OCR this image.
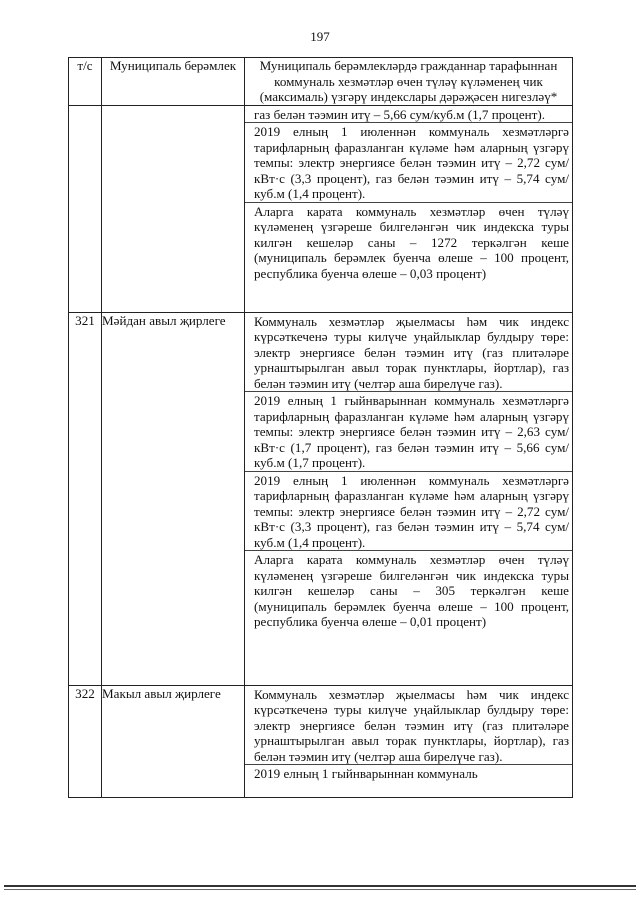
197
т/с	Муниципаль берәмлек	Муниципаль берәмлекләрдә гражданнар тарафыннан коммуналь хезмәтләр өчен түләү күләменең чик (максималь) үзгәрү индекслары дәрәҗәсен нигезләү*

		газ белән тәэмин итү – 5,66 сум/куб.м (1,7 процент).
2019 елның 1 июленнән коммуналь хезмәтләргә тарифларның фаразланган күләме һәм аларның үзгәрү темпы: электр энергиясе белән тәэмин итү – 2,72 сум/кВт·с (3,3 процент), газ белән тәэмин итү – 5,74 сум/куб.м (1,4 процент).
Аларга карата коммуналь хезмәтләр өчен түләү күләменең үзгәреше билгеләнгән чик индекска туры килгән кешеләр саны – 1272 теркәлгән кеше (муниципаль берәмлек буенча өлеше – 100 процент, республика буенча өлеше – 0,03 процент)

321	Мәйдан авыл җирлеге	Коммуналь хезмәтләр җыелмасы һәм чик индекс күрсәткеченә туры килүче уңайлыклар булдыру төре: электр энергиясе белән тәэмин итү (газ плитәләре урнаштырылган авыл торак пунктлары, йортлар), газ белән тәэмин итү (челтәр аша бирелүче газ).
2019 елның 1 гыйнварыннан коммуналь хезмәтләргә тарифларның фаразланган күләме һәм аларның үзгәрү темпы: электр энергиясе белән тәэмин итү – 2,63 сум/кВт·с (1,7 процент), газ белән тәэмин итү – 5,66 сум/куб.м (1,7 процент).
2019 елның 1 июленнән коммуналь хезмәтләргә тарифларның фаразланган күләме һәм аларның үзгәрү темпы: электр энергиясе белән тәэмин итү – 2,72 сум/кВт·с (3,3 процент), газ белән тәэмин итү – 5,74 сум/куб.м (1,4 процент).
Аларга карата коммуналь хезмәтләр өчен түләү күләменең үзгәреше билгеләнгән чик индекска туры килгән кешеләр саны – 305 теркәлгән кеше (муниципаль берәмлек буенча өлеше – 100 процент, республика буенча өлеше – 0,01 процент)

322	Макыл авыл җирлеге	Коммуналь хезмәтләр җыелмасы һәм чик индекс күрсәткеченә туры килүче уңайлыклар булдыру төре: электр энергиясе белән тәэмин итү (газ плитәләре урнаштырылган авыл торак пунктлары, йортлар), газ белән тәэмин итү (челтәр аша бирелүче газ).
2019 елның 1 гыйнварыннан коммуналь
